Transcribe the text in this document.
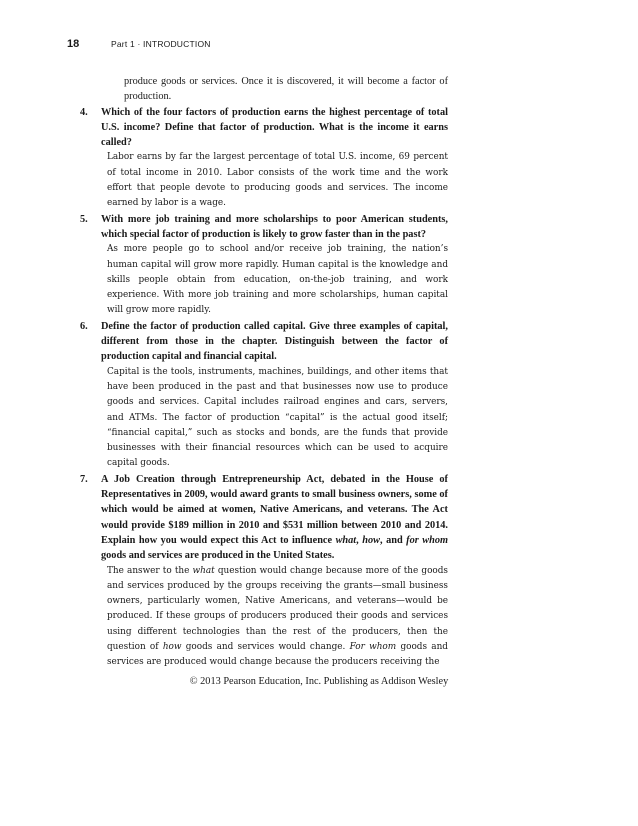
18	Part 1 · INTRODUCTION

produce goods or services. Once it is discovered, it will become a factor of production.

4. Which of the four factors of production earns the highest percentage of total U.S. income? Define that factor of production. What is the income it earns called?

Labor earns by far the largest percentage of total U.S. income, 69 percent of total income in 2010. Labor consists of the work time and the work effort that people devote to producing goods and services. The income earned by labor is a wage.

5. With more job training and more scholarships to poor American students, which special factor of production is likely to grow faster than in the past?

As more people go to school and/or receive job training, the nation’s human capital will grow more rapidly. Human capital is the knowledge and skills people obtain from education, on-the-job training, and work experience. With more job training and more scholarships, human capital will grow more rapidly.

6. Define the factor of production called capital. Give three examples of capital, different from those in the chapter. Distinguish between the factor of production capital and financial capital.

Capital is the tools, instruments, machines, buildings, and other items that have been produced in the past and that businesses now use to produce goods and services. Capital includes railroad engines and cars, servers, and ATMs. The factor of production “capital” is the actual good itself; “financial capital,” such as stocks and bonds, are the funds that provide businesses with their financial resources which can be used to acquire capital goods.

7. A Job Creation through Entrepreneurship Act, debated in the House of Representatives in 2009, would award grants to small business owners, some of which would be aimed at women, Native Americans, and veterans. The Act would provide $189 million in 2010 and $531 million between 2010 and 2014. Explain how you would expect this Act to influence what, how, and for whom goods and services are produced in the United States.

The answer to the what question would change because more of the goods and services produced by the groups receiving the grants—small business owners, particularly women, Native Americans, and veterans—would be produced. If these groups of producers produced their goods and services using different technologies than the rest of the producers, then the question of how goods and services would change. For whom goods and services are produced would change because the producers receiving the

© 2013 Pearson Education, Inc. Publishing as Addison Wesley
